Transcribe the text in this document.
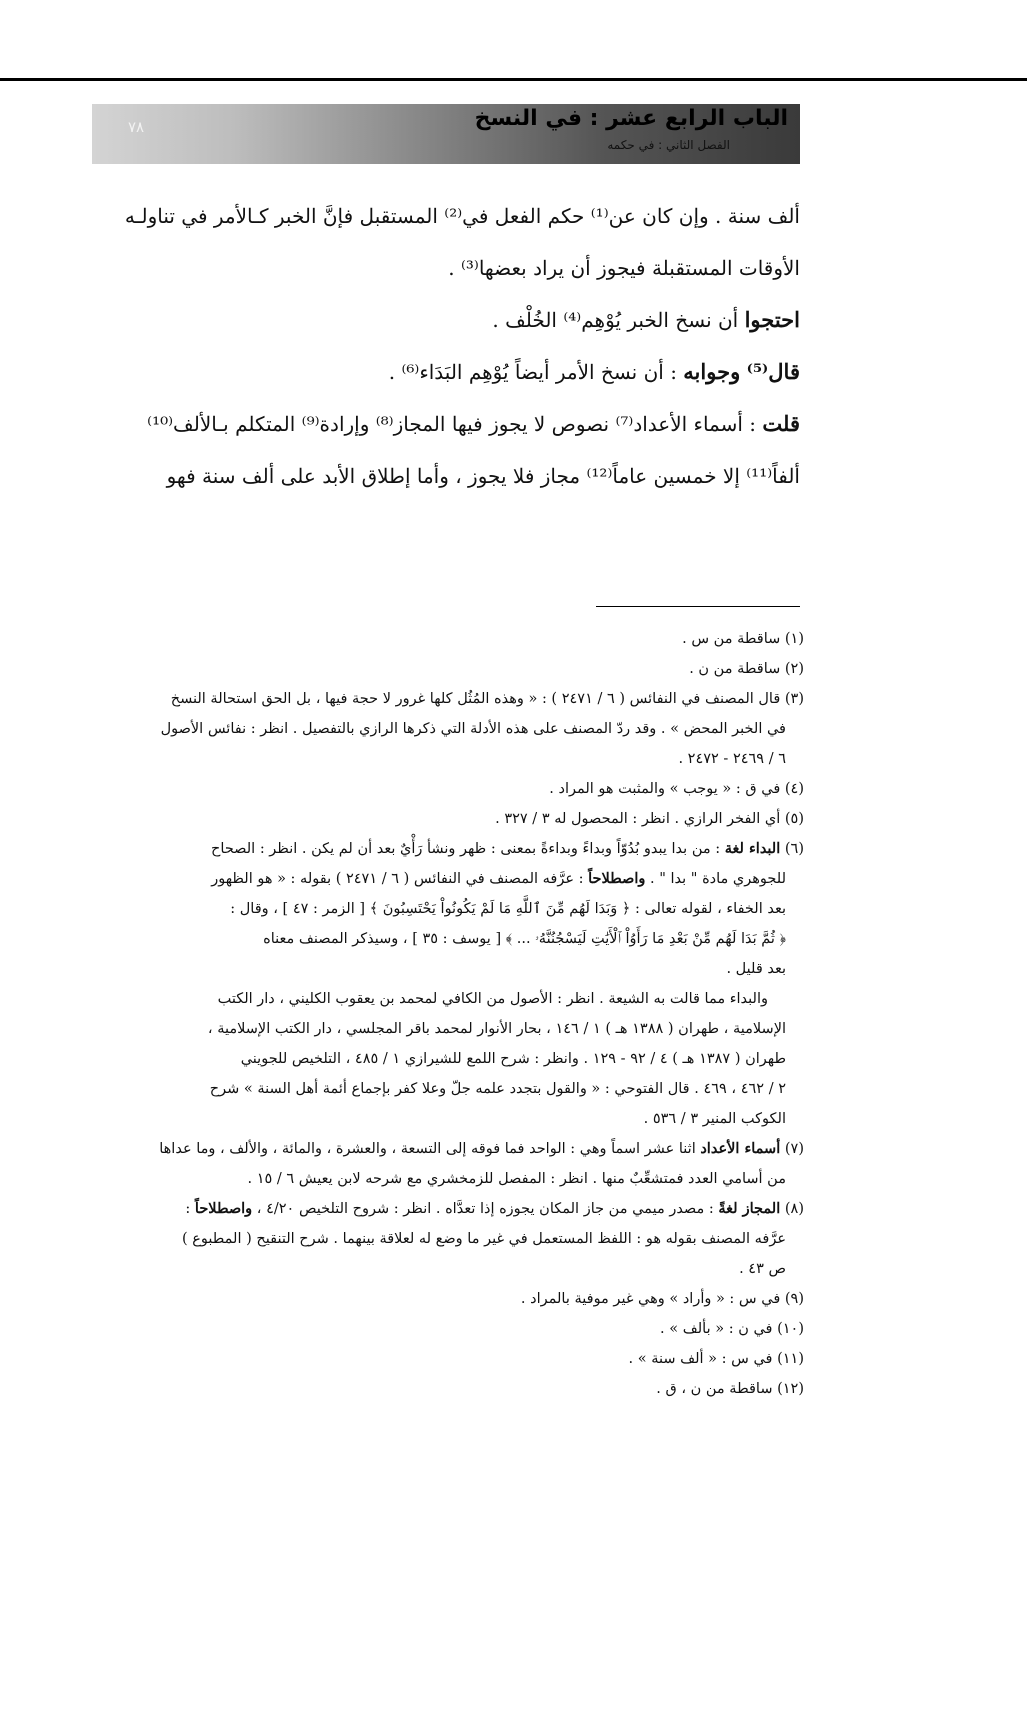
الباب الرابع عشر : في النسخ
الفصل الثاني : في حكمه
٧٨
ألف سنة . وإن كان عن⁽¹⁾ حكم الفعل في⁽²⁾ المستقبل فإنَّ الخبر كـالأمر في تناولـه
الأوقات المستقبلة فيجوز أن يراد بعضها⁽³⁾ .
احتجوا أن نسخ الخبر يُوْهِم⁽⁴⁾ الخُلْف .
قال⁽⁵⁾ وجوابه : أن نسخ الأمر أيضاً يُوْهِم البَدَاء⁽⁶⁾ .
قلت : أسماء الأعداد⁽⁷⁾ نصوص لا يجوز فيها المجاز⁽⁸⁾ وإرادة⁽⁹⁾ المتكلم بـالألف⁽¹⁰⁾
ألفاً⁽¹¹⁾ إلا خمسين عاماً⁽¹²⁾ مجاز فلا يجوز ، وأما إطلاق الأبد على ألف سنة فهو
(١) ساقطة من س .
(٢) ساقطة من ن .
(٣) قال المصنف في النفائس ( ٦ / ٢٤٧١ ) : « وهذه المُثُل كلها غرور لا حجة فيها ، بل الحق استحالة النسخ
في الخبر المحض » . وقد ردّ المصنف على هذه الأدلة التي ذكرها الرازي بالتفصيل . انظر : نفائس الأصول
٦ / ٢٤٦٩ - ٢٤٧٢ .
(٤) في ق : « يوجب » والمثبت هو المراد .
(٥) أي الفخر الرازي . انظر : المحصول له ٣ / ٣٢٧ .
(٦) البداء لغة : من بدا يبدو بُدُوّاً وبداءً وبداءةً بمعنى : ظهر ونشأ رَأْيٌ بعد أن لم يكن . انظر : الصحاح
للجوهري مادة " بدا " . واصطلاحاً : عرَّفه المصنف في النفائس ( ٦ / ٢٤٧١ ) بقوله : « هو الظهور
بعد الخفاء ، لقوله تعالى : ﴿ وَبَدَا لَهُم مِّنَ ٱللَّهِ مَا لَمْ يَكُونُواْ يَحْتَسِبُونَ ﴾ [ الزمر : ٤٧ ] ، وقال :
﴿ ثُمَّ بَدَا لَهُم مِّنْ بَعْدِ مَا رَأَوُاْ ٱلْأَيَٰتِ لَيَسْجُنُنَّهُۥ ... ﴾ [ يوسف : ٣٥ ] ، وسيذكر المصنف معناه
بعد قليل .
والبداء مما قالت به الشيعة . انظر : الأصول من الكافي لمحمد بن يعقوب الكليني ، دار الكتب
الإسلامية ، طهران ( ١٣٨٨ هـ ) ١ / ١٤٦ ، بحار الأنوار لمحمد باقر المجلسي ، دار الكتب الإسلامية ،
طهران ( ١٣٨٧ هـ ) ٤ / ٩٢ - ١٢٩ . وانظر : شرح اللمع للشيرازي ١ / ٤٨٥ ، التلخيص للجويني
٢ / ٤٦٢ ، ٤٦٩ . قال الفتوحي : « والقول بتجدد علمه جلّ وعلا كفر بإجماع أئمة أهل السنة » شرح
الكوكب المنير ٣ / ٥٣٦ .
(٧) أسماء الأعداد اثنا عشر اسماً وهي : الواحد فما فوقه إلى التسعة ، والعشرة ، والمائة ، والألف ، وما عداها
من أسامي العدد فمتشعِّبٌ منها . انظر : المفصل للزمخشري مع شرحه لابن يعيش ٦ / ١٥ .
(٨) المجاز لغةً : مصدر ميمي من جاز المكان يجوزه إذا تعدَّاه . انظر : شروح التلخيص ٤/٢٠ ، واصطلاحاً :
عرَّفه المصنف بقوله هو : اللفظ المستعمل في غير ما وضع له لعلاقة بينهما . شرح التنقيح ( المطبوع )
ص ٤٣ .
(٩) في س : « وأراد » وهي غير موفية بالمراد .
(١٠) في ن : « بألف » .
(١١) في س : « ألف سنة » .
(١٢) ساقطة من ن ، ق .
